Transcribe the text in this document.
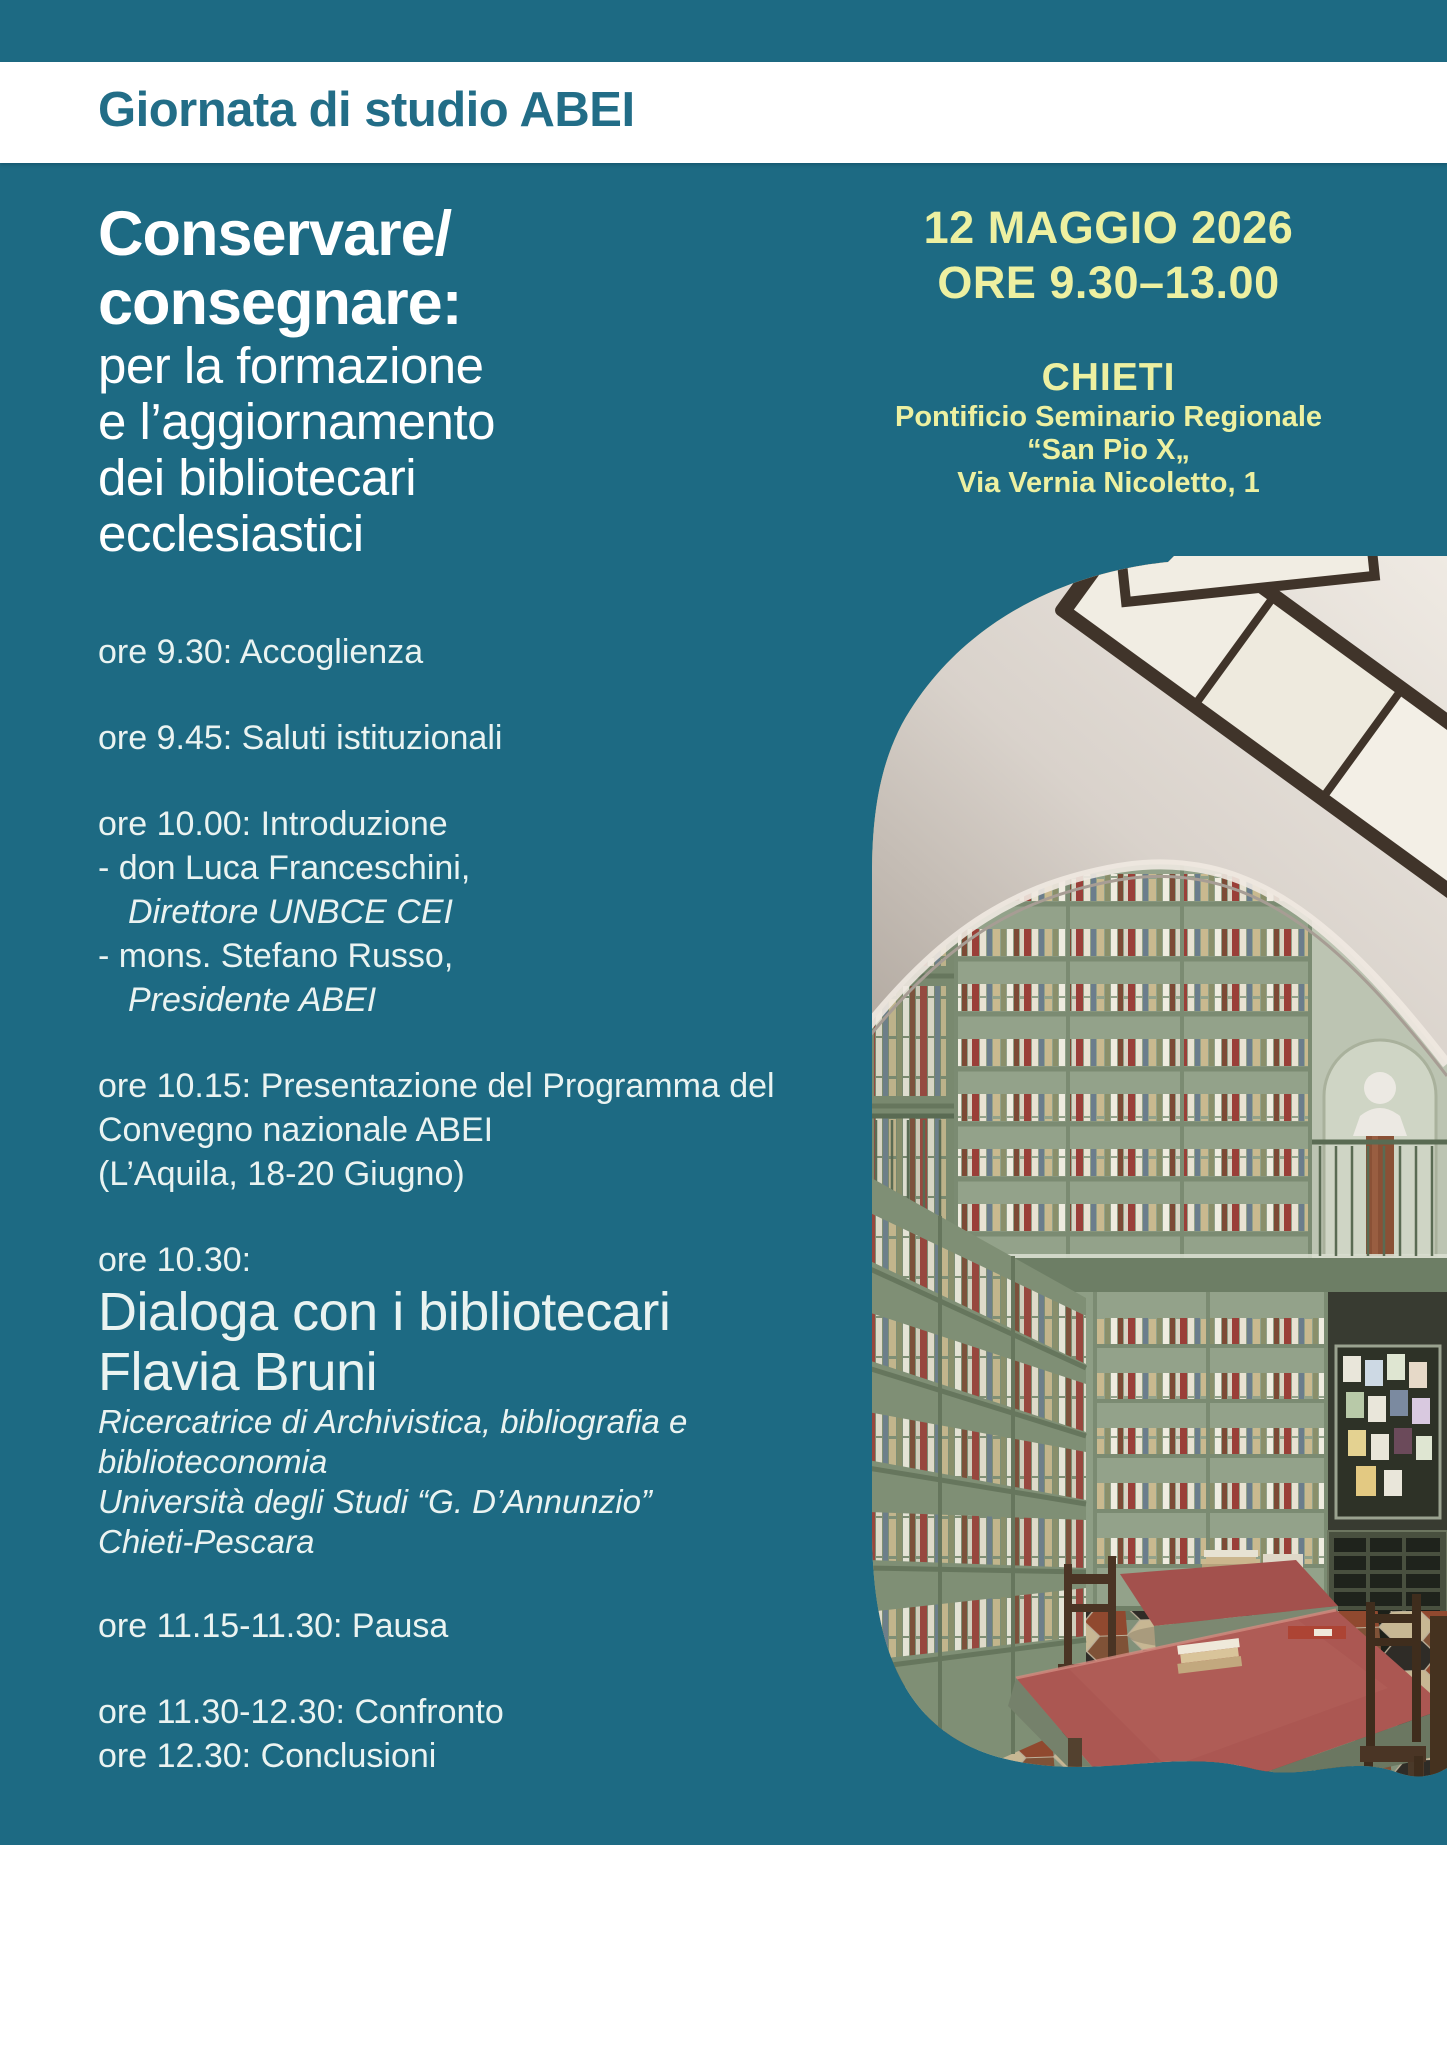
Giornata di studio ABEI
Conservare/
consegnare:
per la formazione
e l’aggiornamento
dei bibliotecari
ecclesiastici
12 MAGGIO 2026
ORE 9.30–13.00
CHIETI
Pontificio Seminario Regionale
“San Pio X„
Via Vernia Nicoletto, 1
ore 9.30: Accoglienza
ore 9.45: Saluti istituzionali
ore 10.00: Introduzione
- don Luca Franceschini,
Direttore UNBCE CEI
- mons. Stefano Russo,
Presidente ABEI
ore 10.15: Presentazione del Programma del
Convegno nazionale ABEI
(L’Aquila, 18-20 Giugno)
ore 10.30:
Dialoga con i bibliotecari
Flavia Bruni
Ricercatrice di Archivistica, bibliografia e
biblioteconomia
Università degli Studi “G. D’Annunzio”
Chieti-Pescara
ore 11.15-11.30: Pausa
ore 11.30-12.30: Confronto
ore 12.30: Conclusioni
